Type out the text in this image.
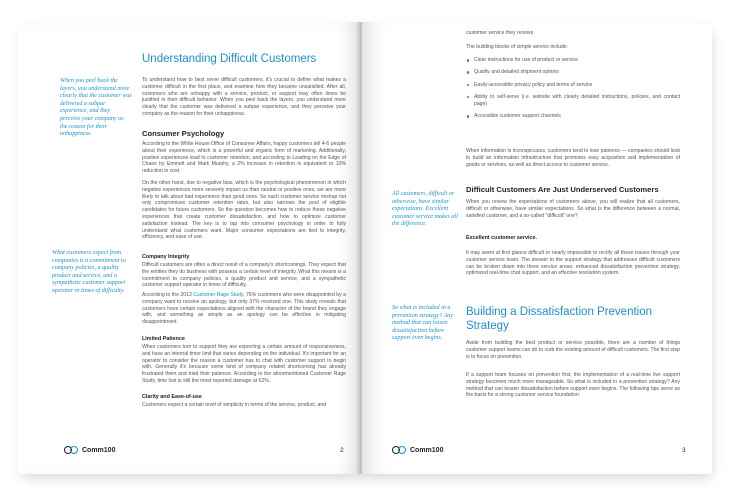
Understanding Difficult Customers
When you peel back the layers, you understand more clearly that the customer was delivered a subpar experience, and they perceive your company as the reason for their unhappiness.
What customers expect from companies is a commitment to company policies, a quality product and service, and a sympathetic customer support operator in times of difficulty.
To understand how to best serve difficult customers, it's crucial to define what makes a customer difficult in the first place, and examine how they became unsatisfied. After all, customers who are unhappy with a service, product, or support may often times be justified in their difficult behavior. When you peel back the layers, you understand more clearly that the customer was delivered a subpar experience, and they perceive your company as the reason for their unhappiness.
Consumer Psychology
According to the White House Office of Consumer Affairs, happy customers tell 4-6 people about their experience, which is a powerful and organic form of marketing. Additionally, positive experiences lead to customer retention, and according to Leading on the Edge of Chaos by Emmett and Mark Murphy, a 2% increase in retention is equivalent to 10% reduction in cost.
On the other hand, due to negative bias, which is the psychological phenomenon in which negative experiences more severely impact us than neutral or positive ones, we are more likely to talk about bad experience than good ones. So each customer service mishap not only compromises customer retention rates, but also narrows the pool of eligible candidates for future customers. So the question becomes how to reduce these negative experiences that create customer dissatisfaction, and how to optimize customer satisfaction instead. The key is to tap into consumer psychology in order to fully understand what customers want. Major consumer expectations are tied to integrity, efficiency, and ease of use.
Company Integrity
Difficult customers are often a direct result of a company's shortcomings. They expect that the entities they do business with possess a certain level of integrity. What this means is a commitment to company policies, a quality product and service, and a sympathetic customer support operator in times of difficulty.
According to the 2013 Customer Rage Study, 76% customers who were disappointed by a company want to receive an apology, but only 37% received one. This study reveals that customers have certain expectations aligned with the character of the brand they engage with, and something as simple as an apology can be effective in mitigating disappointment.
Limited Patience
When customers turn to support they are expecting a certain amount of responsiveness, and have an internal timer limit that varies depending on the individual. It's important for an operator to consider the reason a customer has to chat with customer support to begin with. Generally it's because some kind of company related shortcoming has already frustrated them and tried their patience. According to the aforementioned Customer Rage Study, time lost is still the most reported damage at 62%.
Clarity and Ease-of-use
Customers expect a certain level of simplicity in terms of the service, product, and
Comm100	2
customer service they receive.
The building blocks of simple service include:
Clear instructions for use of product or service
Quality and detailed shipment options
Easily-accessible privacy policy and terms of service
Ability to self-serve (i.e. website with clearly detailed instructions, policies, and contact page)
Accessible customer support channels
When information is inconspicuous, customers tend to lose patience — companies should look to build an information infrastructure that promotes easy acquisition and implementation of goods or services, as well as direct access to customer service.
All customers, difficult or otherwise, have similar expectations. Excellent customer service makes all the difference.
So what is included in a prevention strategy? Any method that can lessen dissatisfaction before support even begins.
Difficult Customers Are Just Underserved Customers
When you review the expectations of customers above, you will realize that all customers, difficult or otherwise, have similar expectations. So what is the difference between a normal, satisfied customer, and a so-called "difficult" one?
Excellent customer service.
It may seem at first glance difficult or nearly impossible to rectify all these issues through your customer service team. The answer to the support strategy that addresses difficult customers can be broken down into three service areas: enhanced dissatisfaction prevention strategy, optimized real-time chat support, and an effective resolution system.
Building a Dissatisfaction Prevention Strategy
Aside from building the best product or service possible, there are a number of things customer support teams can do to curb the existing amount of difficult customers. The first step is to focus on prevention.
If a support team focuses on prevention first, the implementation of a real-time live support strategy becomes much more manageable. So what is included in a prevention strategy? Any method that can lessen dissatisfaction before support even begins. The following tips serve as the basis for a strong customer service foundation:
Comm100	3
